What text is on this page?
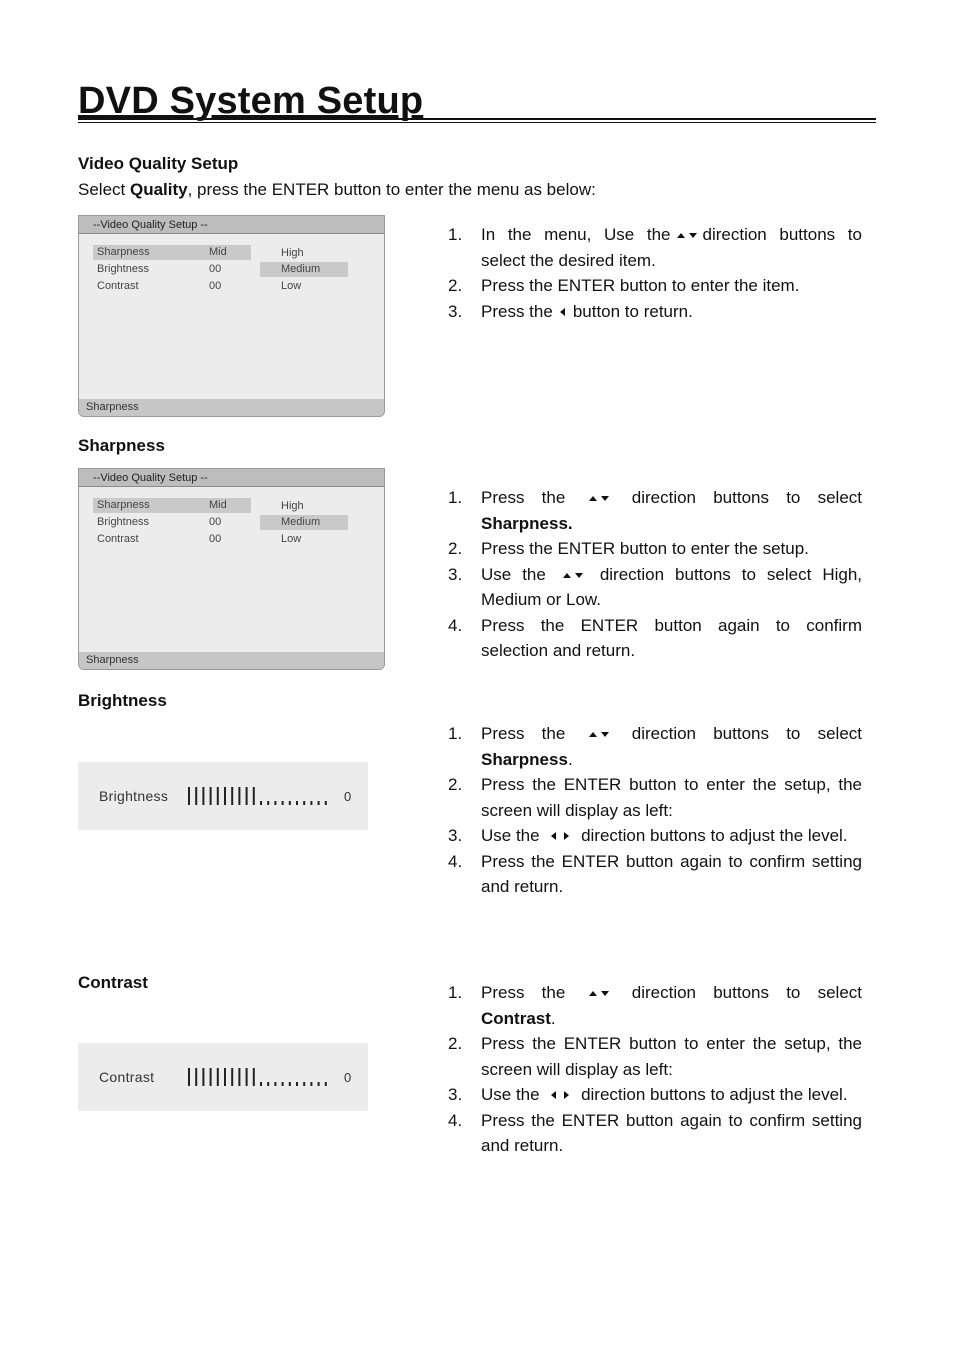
DVD System Setup
Video Quality Setup
Select Quality, press the ENTER button to enter the menu as below:
--Video Quality Setup --
Sharpness	Mid
Brightness	00
Contrast	00
High
Medium
Low
Sharpness
1. In the menu, Use the direction buttons to select the desired item.
2. Press the ENTER button to enter the item.
3. Press the button to return.
Sharpness
--Video Quality Setup --
Sharpness	Mid
Brightness	00
Contrast	00
High
Medium
Low
Sharpness
1. Press the	direction buttons to select Sharpness.
2. Press the ENTER button to enter the setup.
3. Use the	direction buttons to select High, Medium or Low.
4. Press the ENTER button again to confirm selection and return.
Brightness
Brightness	0
1. Press the	direction buttons to select Sharpness.
2. Press the ENTER button to enter the setup, the screen will display as left:
3. Use the direction buttons to adjust the level.
4. Press the ENTER button again to confirm setting and return.
Contrast
Contrast	0
1. Press the	direction buttons to select Contrast.
2. Press the ENTER button to enter the setup, the screen will display as left:
3. Use the direction buttons to adjust the level.
4. Press the ENTER button again to confirm setting and return.
